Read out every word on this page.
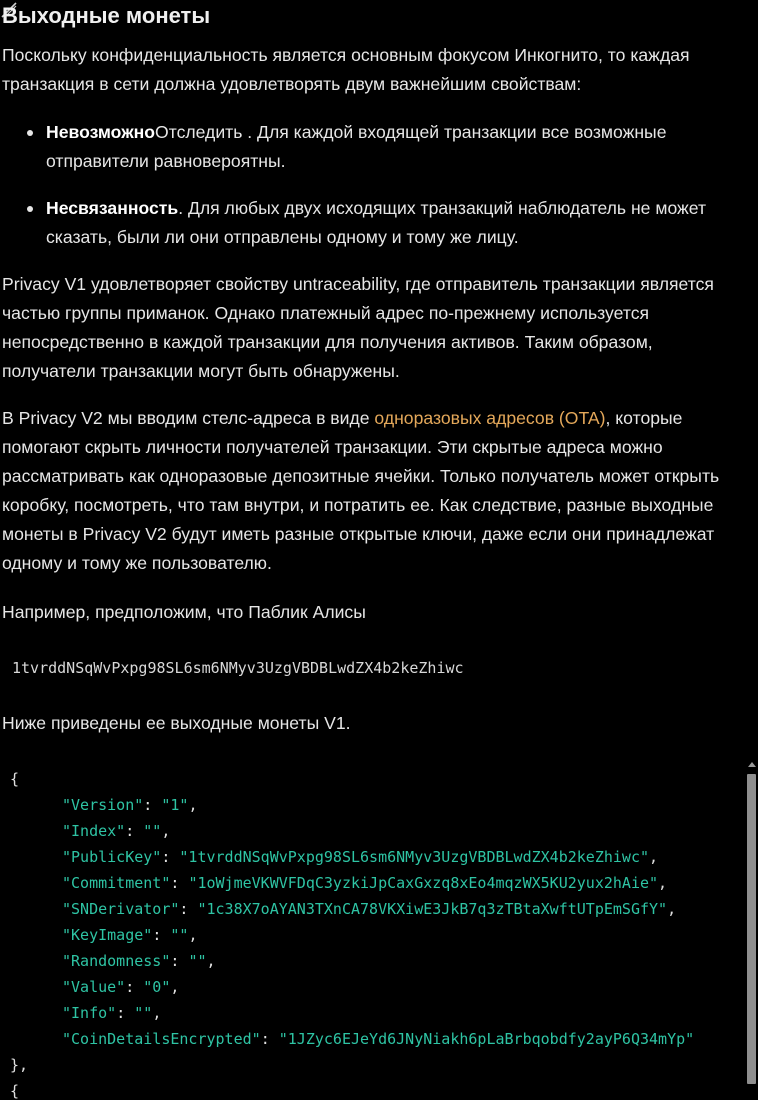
Выходные монеты

Поскольку конфиденциальность является основным фокусом Инкогнито, то каждая транзакция в сети должна удовлетворять двум важнейшим свойствам:

НевозможноОтследить . Для каждой входящей транзакции все возможные отправители равновероятны.
Несвязанность. Для любых двух исходящих транзакций наблюдатель не может сказать, были ли они отправлены одному и тому же лицу.

Privacy V1 удовлетворяет свойству untraceability, где отправитель транзакции является частью группы приманок. Однако платежный адрес по-прежнему используется непосредственно в каждой транзакции для получения активов. Таким образом, получатели транзакции могут быть обнаружены.

В Privacy V2 мы вводим стелс-адреса в виде одноразовых адресов (OTA), которые помогают скрыть личности получателей транзакции. Эти скрытые адреса можно рассматривать как одноразовые депозитные ячейки. Только получатель может открыть коробку, посмотреть, что там внутри, и потратить ее. Как следствие, разные выходные монеты в Privacy V2 будут иметь разные открытые ключи, даже если они принадлежат одному и тому же пользователю.

Например, предположим, что Паблик Алисы

1tvrddNSqWvPxpg98SL6sm6NMyv3UzgVBDBLwdZX4b2keZhiwc

Ниже приведены ее выходные монеты V1.

{
"Version": "1",
"Index": "",
"PublicKey": "1tvrddNSqWvPxpg98SL6sm6NMyv3UzgVBDBLwdZX4b2keZhiwc",
"Commitment": "1oWjmeVKWVFDqC3yzkiJpCaxGxzq8xEo4mqzWX5KU2yux2hAie",
"SNDerivator": "1c38X7oAYAN3TXnCA78VKXiwE3JkB7q3zTBtaXwftUTpEmSGfY",
"KeyImage": "",
"Randomness": "",
"Value": "0",
"Info": "",
"CoinDetailsEncrypted": "1JZyc6EJeYd6JNyNiakh6pLaBrbqobdfy2ayP6Q34mYp"
},
{
